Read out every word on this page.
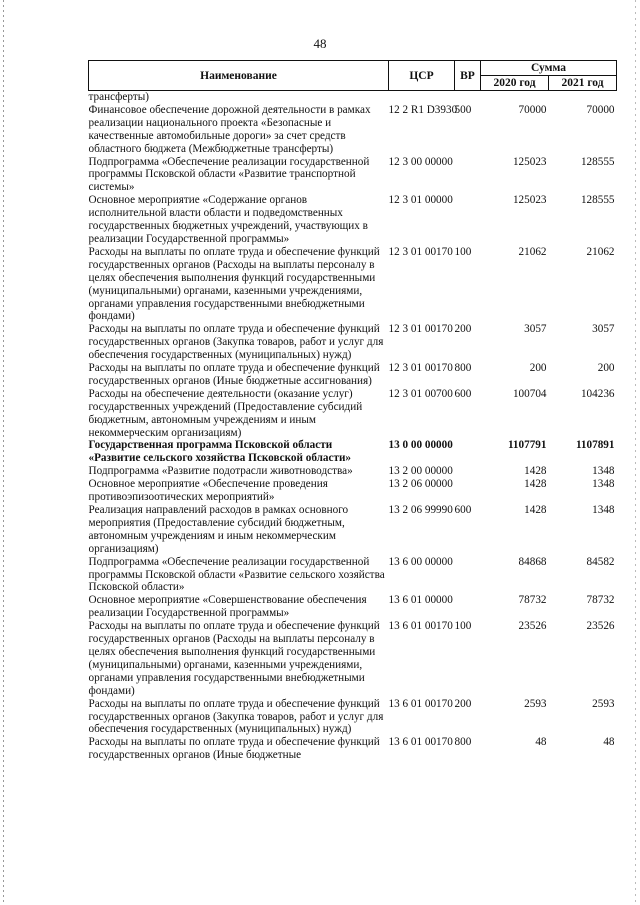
48
Наименование	ЦСР	ВР	Сумма	
			2020 год	2021 год
трансферты)				
Финансовое обеспечение дорожной деятельности в рамках реализации национального проекта «Безопасные и качественные автомобильные дороги» за счет средств областного бюджета (Межбюджетные трансферты)	12 2 R1 D3930	500	70000	70000
Подпрограмма «Обеспечение реализации государственной программы Псковской области «Развитие транспортной системы»	12 3 00 00000		125023	128555
Основное мероприятие «Содержание органов исполнительной власти области и подведомственных государственных бюджетных учреждений, участвующих в реализации Государственной программы»	12 3 01 00000		125023	128555
Расходы на выплаты по оплате труда и обеспечение функций государственных органов (Расходы на выплаты персоналу в целях обеспечения выполнения функций государственными (муниципальными) органами, казенными учреждениями, органами управления государственными внебюджетными фондами)	12 3 01 00170	100	21062	21062
Расходы на выплаты по оплате труда и обеспечение функций государственных органов (Закупка товаров, работ и услуг для обеспечения государственных (муниципальных) нужд)	12 3 01 00170	200	3057	3057
Расходы на выплаты по оплате труда и обеспечение функций государственных органов (Иные бюджетные ассигнования)	12 3 01 00170	800	200	200
Расходы на обеспечение деятельности (оказание услуг) государственных учреждений (Предоставление субсидий бюджетным, автономным учреждениям и иным некоммерческим организациям)	12 3 01 00700	600	100704	104236
Государственная программа Псковской области «Развитие сельского хозяйства Псковской области»	13 0 00 00000		1107791	1107891
Подпрограмма «Развитие подотрасли животноводства»	13 2 00 00000		1428	1348
Основное мероприятие «Обеспечение проведения противоэпизоотических мероприятий»	13 2 06 00000		1428	1348
Реализация направлений расходов в рамках основного мероприятия (Предоставление субсидий бюджетным, автономным учреждениям и иным некоммерческим организациям)	13 2 06 99990	600	1428	1348
Подпрограмма «Обеспечение реализации государственной программы Псковской области «Развитие сельского хозяйства Псковской области»	13 6 00 00000		84868	84582
Основное мероприятие «Совершенствование обеспечения реализации Государственной программы»	13 6 01 00000		78732	78732
Расходы на выплаты по оплате труда и обеспечение функций государственных органов (Расходы на выплаты персоналу в целях обеспечения выполнения функций государственными (муниципальными) органами, казенными учреждениями, органами управления государственными внебюджетными фондами)	13 6 01 00170	100	23526	23526
Расходы на выплаты по оплате труда и обеспечение функций государственных органов (Закупка товаров, работ и услуг для обеспечения государственных (муниципальных) нужд)	13 6 01 00170	200	2593	2593
Расходы на выплаты по оплате труда и обеспечение функций государственных органов (Иные бюджетные	13 6 01 00170	800	48	48
